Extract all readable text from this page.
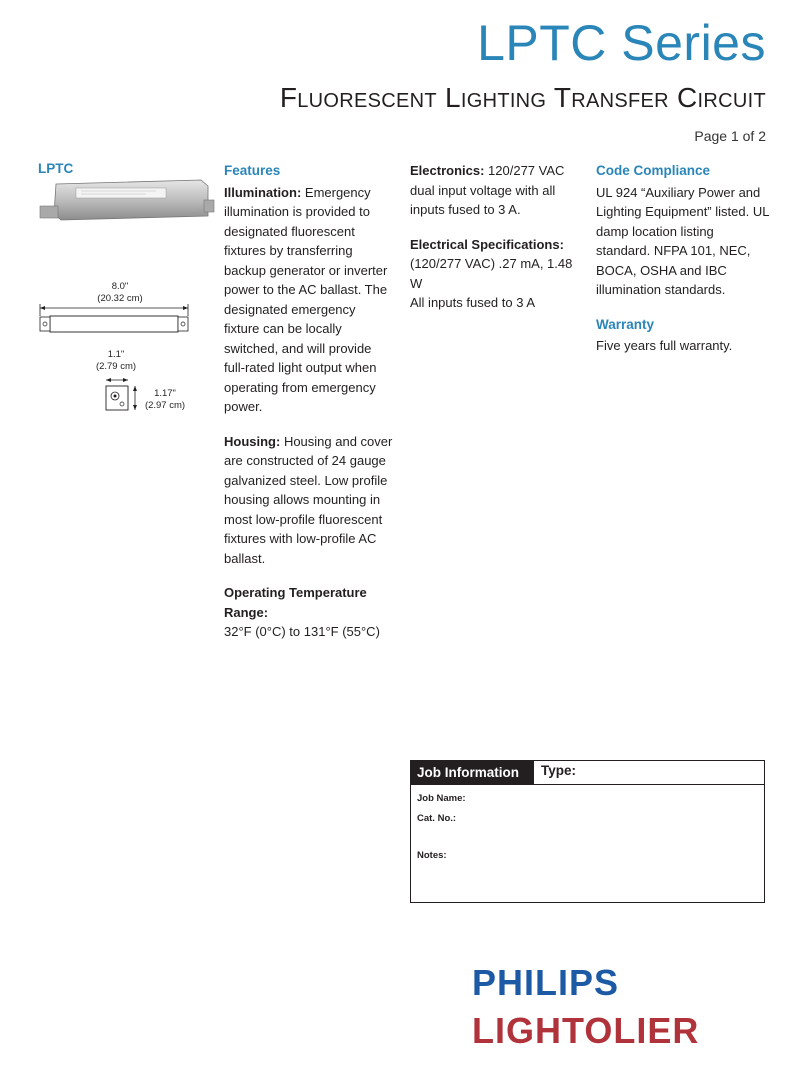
LPTC Series
Fluorescent Lighting Transfer Circuit
Page 1 of 2
LPTC
8.0"
(20.32 cm)
1.1"
(2.79 cm)
1.17"
(2.97 cm)
Features

Illumination: Emergency illumination is provided to designated fluorescent fixtures by transferring backup generator or inverter power to the AC ballast. The designated emergency fixture can be locally switched, and will provide full-rated light output when operating from emergency power.

Housing: Housing and cover are constructed of 24 gauge galvanized steel. Low profile housing allows mounting in most low-profile fluorescent fixtures with low-profile AC ballast.

Operating Temperature Range:
32°F (0°C) to 131°F (55°C)

Electronics: 120/277 VAC dual input voltage with all inputs fused to 3 A.

Electrical Specifications:
(120/277 VAC) .27 mA, 1.48 W
All inputs fused to 3 A

Code Compliance

UL 924 “Auxiliary Power and Lighting Equipment” listed. UL damp location listing standard. NFPA 101, NEC, BOCA, OSHA and IBC illumination standards.

Warranty

Five years full warranty.

Job Information	Type:
Job Name:
Cat. No.:
Notes:
PHILIPS
LIGHTOLIER
